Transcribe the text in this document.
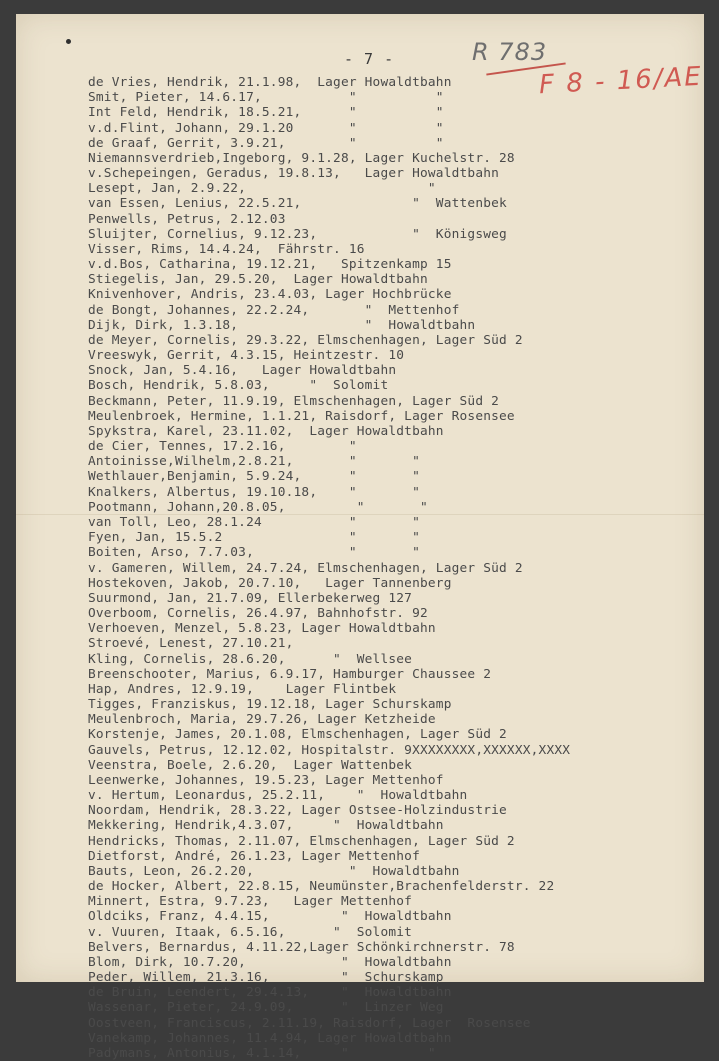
- 7 -	R 783
F 8 - 16/AE
de Vries, Hendrik, 21.1.98,  Lager Howaldtbahn
Smit, Pieter, 14.6.17,           "          "
Int Feld, Hendrik, 18.5.21,      "          "
v.d.Flint, Johann, 29.1.20       "          "
de Graaf, Gerrit, 3.9.21,        "          "
Niemannsverdrieb,Ingeborg, 9.1.28, Lager Kuchelstr. 28
v.Schepeingen, Geradus, 19.8.13,   Lager Howaldtbahn
Lesept, Jan, 2.9.22,                       "
van Essen, Lenius, 22.5.21,              "  Wattenbek
Penwells, Petrus, 2.12.03
Sluijter, Cornelius, 9.12.23,            "  Königsweg
Visser, Rims, 14.4.24,  Fährstr. 16
v.d.Bos, Catharina, 19.12.21,   Spitzenkamp 15
Stiegelis, Jan, 29.5.20,  Lager Howaldtbahn
Knivenhover, Andris, 23.4.03, Lager Hochbrücke
de Bongt, Johannes, 22.2.24,       "  Mettenhof
Dijk, Dirk, 1.3.18,                "  Howaldtbahn
de Meyer, Cornelis, 29.3.22, Elmschenhagen, Lager Süd 2
Vreeswyk, Gerrit, 4.3.15, Heintzestr. 10
Snock, Jan, 5.4.16,   Lager Howaldtbahn
Bosch, Hendrik, 5.8.03,     "  Solomit
Beckmann, Peter, 11.9.19, Elmschenhagen, Lager Süd 2
Meulenbroek, Hermine, 1.1.21, Raisdorf, Lager Rosensee
Spykstra, Karel, 23.11.02,  Lager Howaldtbahn
de Cier, Tennes, 17.2.16,        "
Antoinisse,Wilhelm,2.8.21,       "       "
Wethlauer,Benjamin, 5.9.24,      "       "
Knalkers, Albertus, 19.10.18,    "       "
Pootmann, Johann,20.8.05,         "       "
van Toll, Leo, 28.1.24           "       "
Fyen, Jan, 15.5.2                "       "
Boiten, Arso, 7.7.03,            "       "
v. Gameren, Willem, 24.7.24, Elmschenhagen, Lager Süd 2
Hostekoven, Jakob, 20.7.10,   Lager Tannenberg
Suurmond, Jan, 21.7.09, Ellerbekerweg 127
Overboom, Cornelis, 26.4.97, Bahnhofstr. 92
Verhoeven, Menzel, 5.8.23, Lager Howaldtbahn
Stroevé, Lenest, 27.10.21,
Kling, Cornelis, 28.6.20,      "  Wellsee
Breenschooter, Marius, 6.9.17, Hamburger Chaussee 2
Hap, Andres, 12.9.19,    Lager Flintbek
Tigges, Franziskus, 19.12.18, Lager Schurskamp
Meulenbroch, Maria, 29.7.26, Lager Ketzheide
Korstenje, James, 20.1.08, Elmschenhagen, Lager Süd 2
Gauvels, Petrus, 12.12.02, Hospitalstr. 9XXXXXXXX,XXXXXX,XXXX
Veenstra, Boele, 2.6.20,  Lager Wattenbek
Leenwerke, Johannes, 19.5.23, Lager Mettenhof
v. Hertum, Leonardus, 25.2.11,    "  Howaldtbahn
Noordam, Hendrik, 28.3.22, Lager Ostsee-Holzindustrie
Mekkering, Hendrik,4.3.07,     "  Howaldtbahn
Hendricks, Thomas, 2.11.07, Elmschenhagen, Lager Süd 2
Dietforst, André, 26.1.23, Lager Mettenhof
Bauts, Leon, 26.2.20,            "  Howaldtbahn
de Hocker, Albert, 22.8.15, Neumünster,Brachenfelderstr. 22
Minnert, Estra, 9.7.23,   Lager Mettenhof
Oldciks, Franz, 4.4.15,         "  Howaldtbahn
v. Vuuren, Itaak, 6.5.16,      "  Solomit
Belvers, Bernardus, 4.11.22,Lager Schönkirchnerstr. 78
Blom, Dirk, 10.7.20,            "  Howaldtbahn
Peder, Willem, 21.3.16,         "  Schurskamp
de Bruin, Leendert, 29.4.13,    "  Howaldtbahn
Wassenar, Pieter, 24.9.09,      "  Linzer Weg
Oostveen, Franciscus, 2.11.19, Raisdorf, Lager  Rosensee
Vanekamp, Johannes, 11.4.94, Lager Howaldtbahn
Padymans, Antonius, 4.1.14,     "          "
